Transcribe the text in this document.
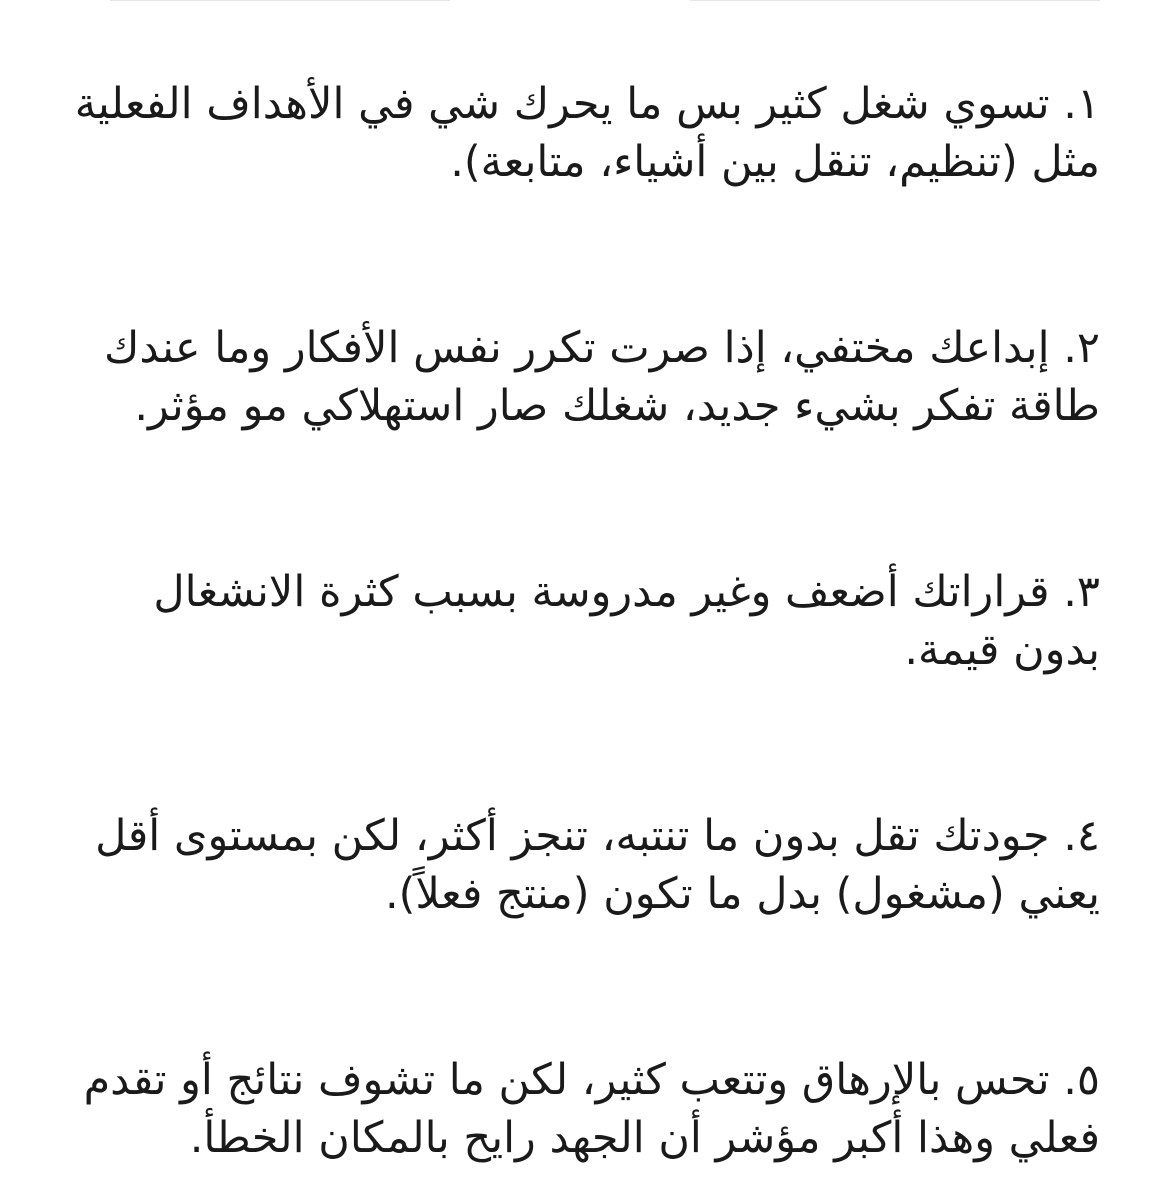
١. تسوي شغل كثير بس ما يحرك شي في الأهداف الفعلية
مثل (تنظيم، تنقل بين أشياء، متابعة).

٢. إبداعك مختفي، إذا صرت تكرر نفس الأفكار وما عندك
طاقة تفكر بشيء جديد، شغلك صار استهلاكي مو مؤثر.

٣. قراراتك أضعف وغير مدروسة بسبب كثرة الانشغال
بدون قيمة.

٤. جودتك تقل بدون ما تنتبه، تنجز أكثر، لكن بمستوى أقل
يعني (مشغول) بدل ما تكون (منتج فعلاً).

٥. تحس بالإرهاق وتتعب كثير، لكن ما تشوف نتائج أو تقدم
فعلي وهذا أكبر مؤشر أن الجهد رايح بالمكان الخطأ.
